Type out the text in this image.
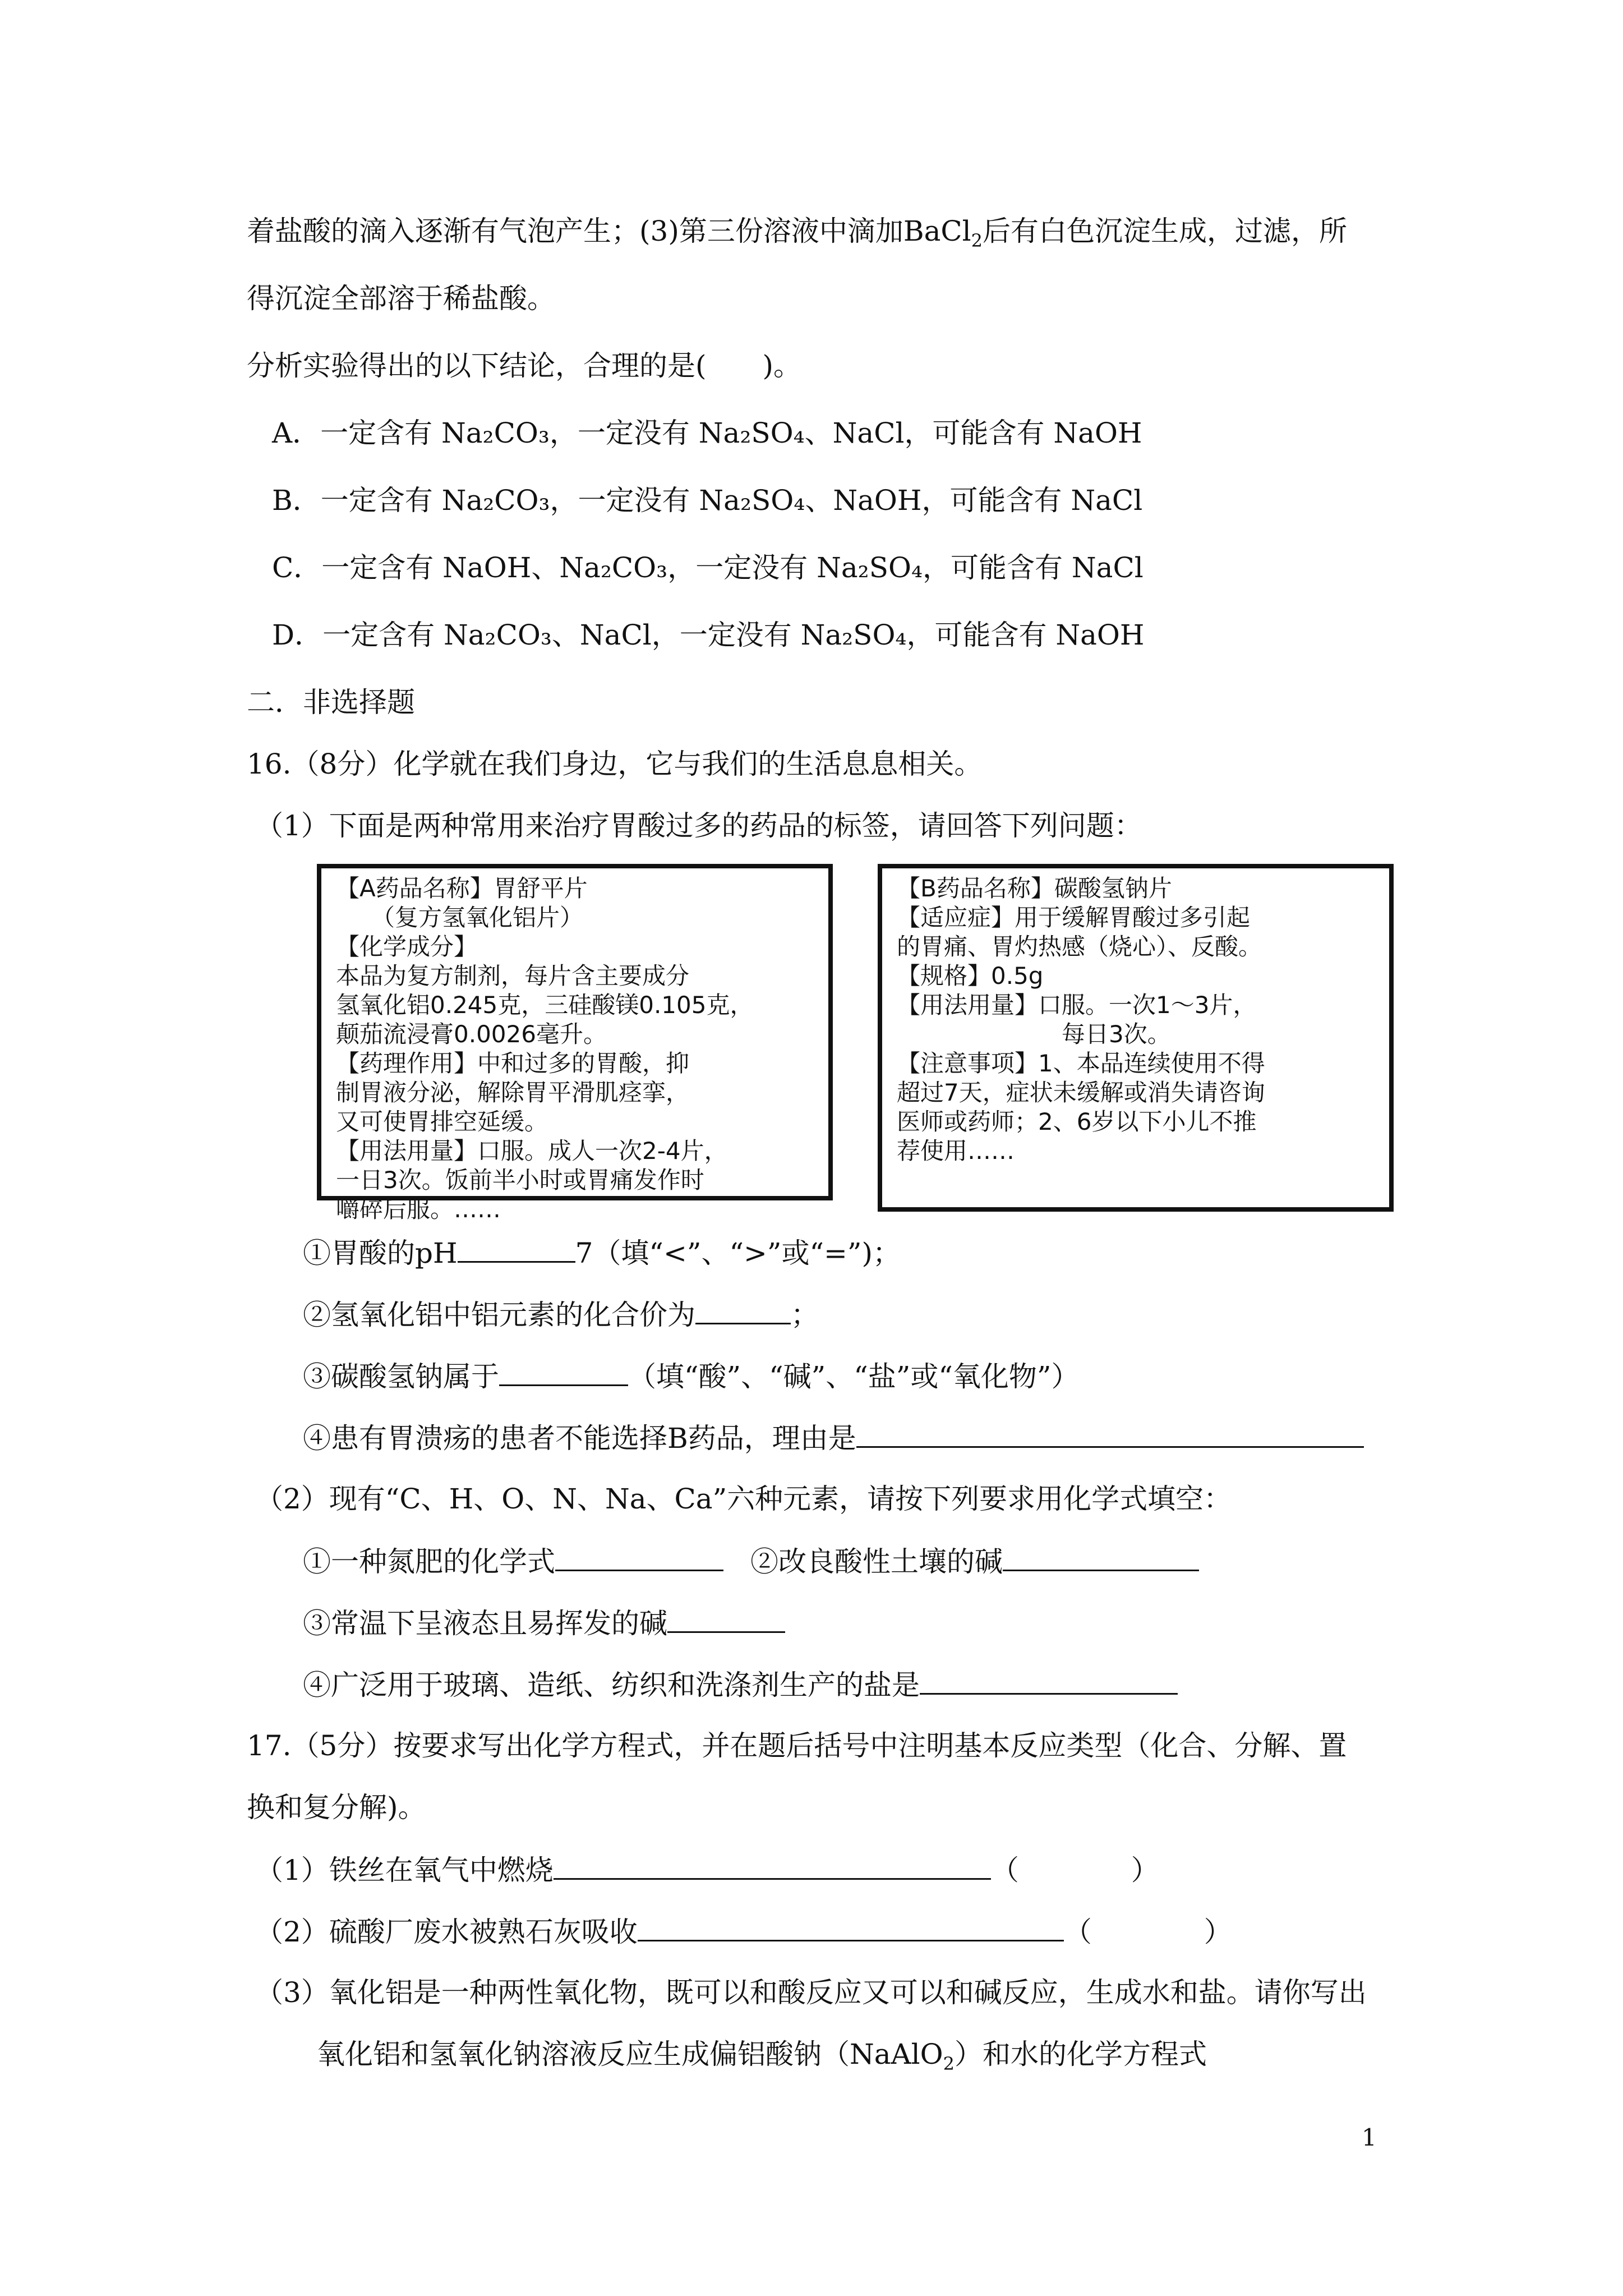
着盐酸的滴入逐渐有气泡产生；(3)第三份溶液中滴加BaCl$_2$后有白色沉淀生成，过滤，所
得沉淀全部溶于稀盐酸。
分析实验得出的以下结论，合理的是(　　)。
A．一定含有 Na₂CO₃，一定没有 Na₂SO₄、NaCl，可能含有 NaOH
B．一定含有 Na₂CO₃，一定没有 Na₂SO₄、NaOH，可能含有 NaCl
C．一定含有 NaOH、Na₂CO₃，一定没有 Na₂SO₄，可能含有 NaCl
D．一定含有 Na₂CO₃、NaCl，一定没有 Na₂SO₄，可能含有 NaOH
二．非选择题
16.（8分）化学就在我们身边，它与我们的生活息息相关。
（1）下面是两种常用来治疗胃酸过多的药品的标签，请回答下列问题：
【A药品名称】胃舒平片
　　（复方氢氧化铝片）
【化学成分】
本品为复方制剂，每片含主要成分
氢氧化铝0.245克，三硅酸镁0.105克，
颠茄流浸膏0.0026毫升。
【药理作用】中和过多的胃酸，抑
制胃液分泌，解除胃平滑肌痉挛，
又可使胃排空延缓。
【用法用量】口服。成人一次2-4片，
一日3次。饭前半小时或胃痛发作时
嚼碎后服。……
【B药品名称】碳酸氢钠片
【适应症】用于缓解胃酸过多引起
的胃痛、胃灼热感（烧心）、反酸。
【规格】0.5g
【用法用量】口服。一次1～3片，
　　　　　　　每日3次。
【注意事项】1、本品连续使用不得
超过7天，症状未缓解或消失请咨询
医师或药师；2、6岁以下小儿不推
荐使用……
①胃酸的pH	7（填“<”、“>”或“=”)；
②氢氧化铝中铝元素的化合价为	；
③碳酸氢钠属于	（填“酸”、“碱”、“盐”或“氧化物”）
④患有胃溃疡的患者不能选择B药品，理由是
（2）现有“C、H、O、N、Na、Ca”六种元素，请按下列要求用化学式填空：
①一种氮肥的化学式	②改良酸性土壤的碱
③常温下呈液态且易挥发的碱
④广泛用于玻璃、造纸、纺织和洗涤剂生产的盐是
17.（5分）按要求写出化学方程式，并在题后括号中注明基本反应类型（化合、分解、置
换和复分解)。
（1）铁丝在氧气中燃烧	（　　　　）
（2）硫酸厂废水被熟石灰吸收	（　　　　）
（3）氧化铝是一种两性氧化物，既可以和酸反应又可以和碱反应，生成水和盐。请你写出
氧化铝和氢氧化钠溶液反应生成偏铝酸钠（NaAlO$_2$）和水的化学方程式
1
